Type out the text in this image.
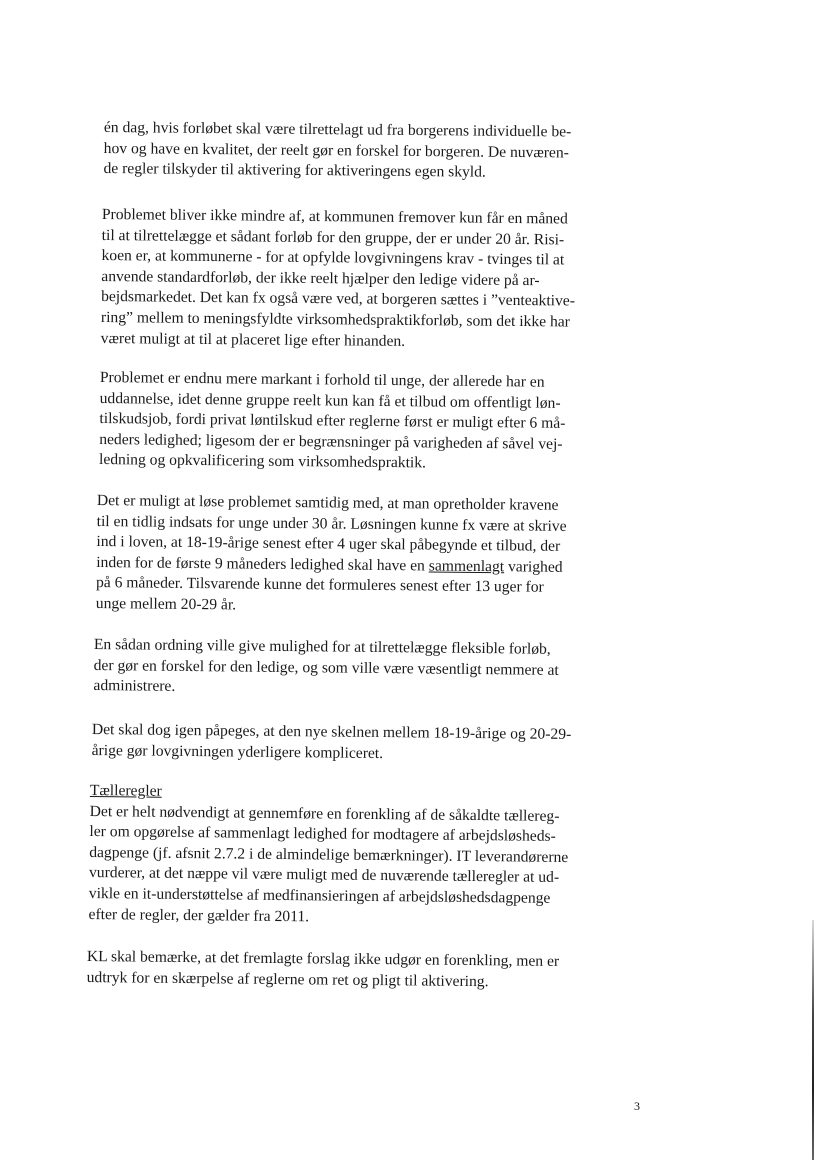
én dag, hvis forløbet skal være tilrettelagt ud fra borgerens individuelle be-
hov og have en kvalitet, der reelt gør en forskel for borgeren. De nuværen-
de regler tilskyder til aktivering for aktiveringens egen skyld.

Problemet bliver ikke mindre af, at kommunen fremover kun får en måned
til at tilrettelægge et sådant forløb for den gruppe, der er under 20 år. Risi-
koen er, at kommunerne - for at opfylde lovgivningens krav - tvinges til at
anvende standardforløb, der ikke reelt hjælper den ledige videre på ar-
bejdsmarkedet. Det kan fx også være ved, at borgeren sættes i ”venteaktive-
ring” mellem to meningsfyldte virksomhedspraktikforløb, som det ikke har
været muligt at til at placeret lige efter hinanden.

Problemet er endnu mere markant i forhold til unge, der allerede har en
uddannelse, idet denne gruppe reelt kun kan få et tilbud om offentligt løn-
tilskudsjob, fordi privat løntilskud efter reglerne først er muligt efter 6 må-
neders ledighed; ligesom der er begrænsninger på varigheden af såvel vej-
ledning og opkvalificering som virksomhedspraktik.

Det er muligt at løse problemet samtidig med, at man opretholder kravene
til en tidlig indsats for unge under 30 år. Løsningen kunne fx være at skrive
ind i loven, at 18-19-årige senest efter 4 uger skal påbegynde et tilbud, der
inden for de første 9 måneders ledighed skal have en sammenlagt varighed
på 6 måneder. Tilsvarende kunne det formuleres senest efter 13 uger for
unge mellem 20-29 år.

En sådan ordning ville give mulighed for at tilrettelægge fleksible forløb,
der gør en forskel for den ledige, og som ville være væsentligt nemmere at
administrere.

Det skal dog igen påpeges, at den nye skelnen mellem 18-19-årige og 20-29-
årige gør lovgivningen yderligere kompliceret.

Tælleregler
Det er helt nødvendigt at gennemføre en forenkling af de såkaldte tællereg-
ler om opgørelse af sammenlagt ledighed for modtagere af arbejdsløsheds-
dagpenge (jf. afsnit 2.7.2 i de almindelige bemærkninger). IT leverandørerne
vurderer, at det næppe vil være muligt med de nuværende tælleregler at ud-
vikle en it-understøttelse af medfinansieringen af arbejdsløshedsdagpenge
efter de regler, der gælder fra 2011.

KL skal bemærke, at det fremlagte forslag ikke udgør en forenkling, men er
udtryk for en skærpelse af reglerne om ret og pligt til aktivering.

3
